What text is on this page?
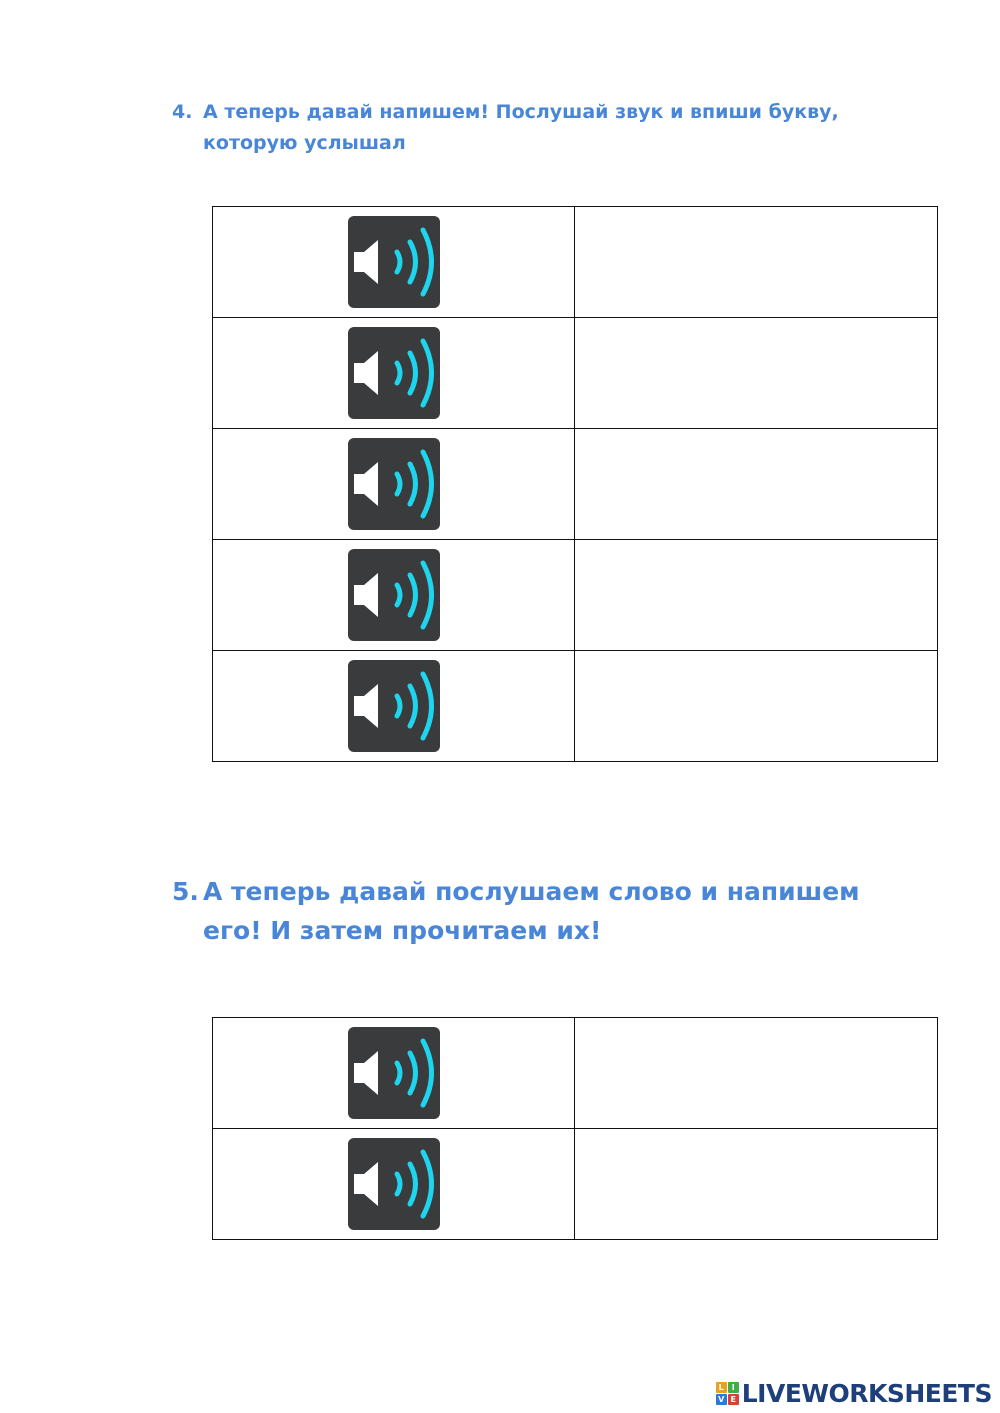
4. А теперь давай напишем! Послушай звук и впиши букву, которую услышал

5. А теперь давай послушаем слово и напишем его! И затем прочитаем их!

L I
V E LIVEWORKSHEETS
